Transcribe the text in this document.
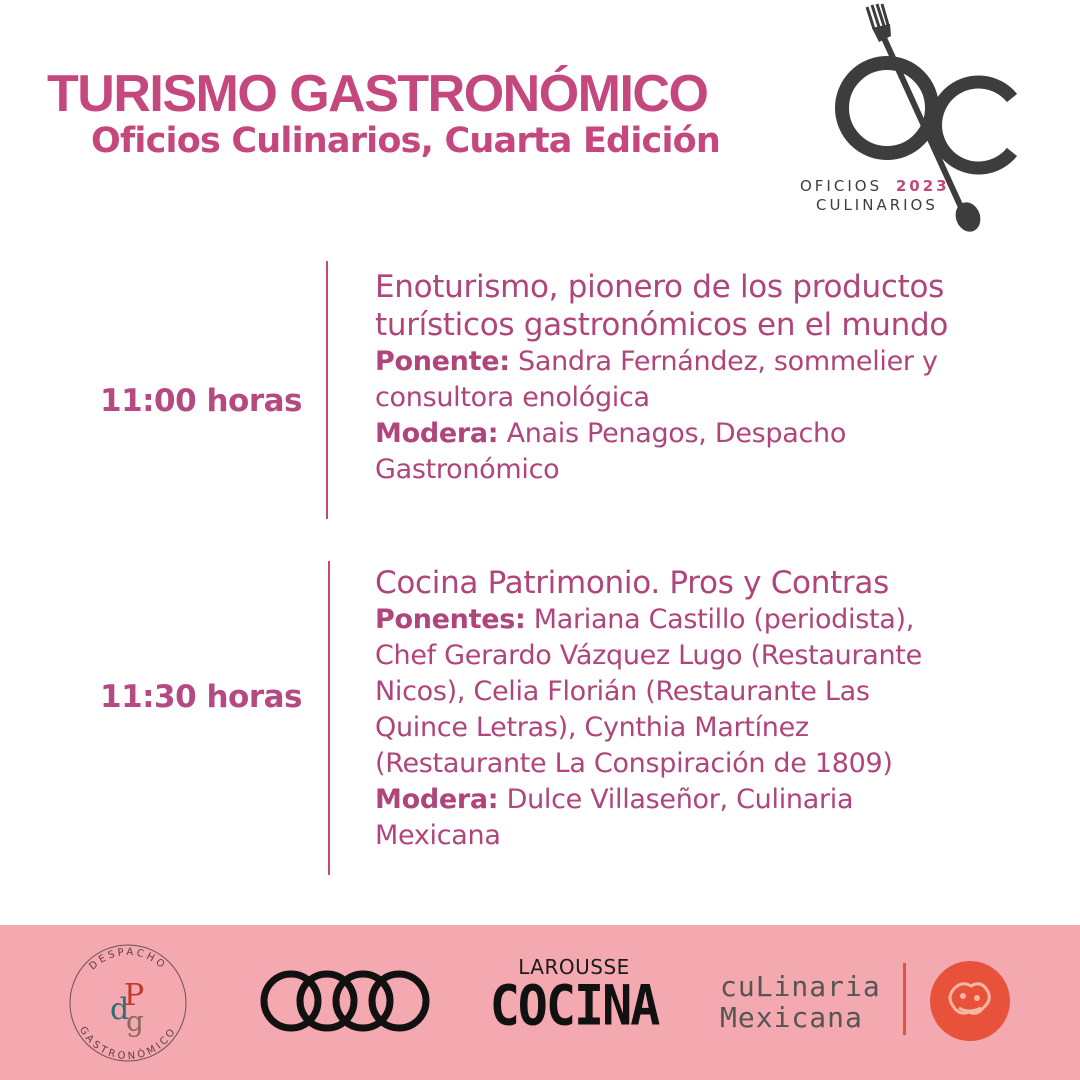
TURISMO GASTRONÓMICO
Oficios Culinarios, Cuarta Edición
OFICIOS 2023
CULINARIOS
11:00 horas
Enoturismo, pionero de los productos
turísticos gastronómicos en el mundo
Ponente: Sandra Fernández, sommelier y
consultora enológica
Modera: Anais Penagos, Despacho
Gastronómico
11:30 horas
Cocina Patrimonio. Pros y Contras
Ponentes: Mariana Castillo (periodista),
Chef Gerardo Vázquez Lugo (Restaurante
Nicos), Celia Florián (Restaurante Las
Quince Letras), Cynthia Martínez
(Restaurante La Conspiración de 1809)
Modera: Dulce Villaseñor, Culinaria
Mexicana
DESPACHO
GASTRONÓMICO
d
P
g
LAROUSSE
COCINA	cuLinaria
Mexicana
